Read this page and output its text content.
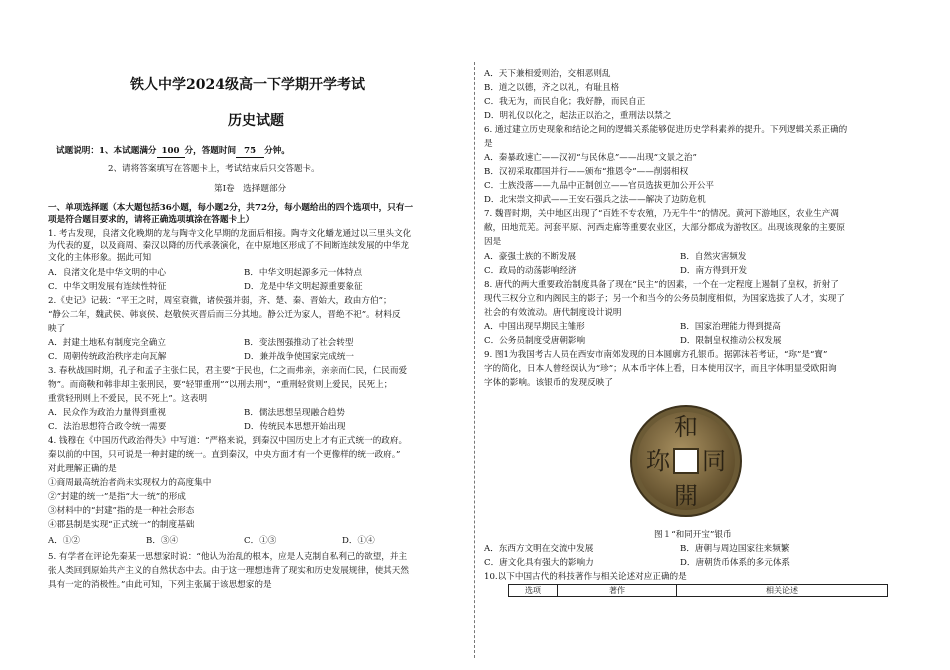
铁人中学2024级高一下学期开学考试
历史试题
试题说明：1、本试题满分 100 分，答题时间 75 分钟。
2、请将答案填写在答题卡上，考试结束后只交答题卡。
第Ⅰ卷　选择题部分
一、单项选择题（本大题包括36小题，每小题2分，共72分，每小题给出的四个选项中，只有一
项是符合题目要求的，请将正确选项填涂在答题卡上）
1. 考古发现，良渚文化晚期的龙与陶寺文化早期的龙面后相接。陶寺文化蟠龙通过以三里头文化
为代表的夏，以及商周、秦汉以降的历代承袭演化，在中原地区形成了不间断连续发展的中华龙
文化的主体形象。据此可知
A．良渚文化是中华文明的中心	B．中华文明起源多元一体特点
C．中华文明发展有连续性特征	D．龙是中华文明起源重要象征
2.《史记》记载：“平王之时，周室衰微，诸侯强并弱，齐、楚、秦、晋始大，政由方伯”；
“静公二年，魏武侯、韩哀侯、赵敬侯灭晋后而三分其地。静公迁为家人，晋绝不祀”。材料反
映了
A．封建土地私有制度完全确立	B．变法图强推动了社会转型
C．周朝传统政治秩序走向瓦解	D．兼并战争使国家完成统一
3. 春秋战国时期，孔子和孟子主张仁民，君主要“于民也，仁之而弗亲，亲亲而仁民，仁民而爱
物”。而商鞅和韩非却主张刑民，要“轻罪重刑”“以刑去刑”，“重刑轻赏则上爱民，民死上；
重赏轻刑则上不爱民，民不死上”。这表明
A．民众作为政治力量得到重视	B．儒法思想呈现融合趋势
C．法治思想符合政令统一需要	D．传统民本思想开始出现
4. 钱穆在《中国历代政治得失》中写道：“严格来说，到秦汉中国历史上才有正式统一的政府。
秦以前的中国，只可说是一种封建的统一。直到秦汉，中央方面才有一个更像样的统一政府。”
对此理解正确的是
①商周最高统治者尚未实现权力的高度集中
②“封建的统一”是指“大一统”的形成
③材料中的“封建”指的是一种社会形态
④郡县制是实现“正式统一”的制度基础
A．①②	B．③④	C．①③	D．①④
5. 有学者在评论先秦某一思想家时说：“他认为治乱的根本，应是人克制自私利己的欲望，并主
张人类回到原始共产主义的自然状态中去。由于这一理想违背了现实和历史发展规律，使其天然
具有一定的消极性。”由此可知，下列主张属于该思想家的是
A．天下兼相爱则治，交相恶则乱
B．道之以德，齐之以礼，有耻且格
C．我无为，而民自化；我好静，而民自正
D．明礼仪以化之，起法正以治之，重刑法以禁之
6. 通过建立历史现象和结论之间的逻辑关系能够促进历史学科素养的提升。下列逻辑关系正确的
是
A．秦暴政速亡——汉初“与民休息”——出现“文景之治”
B．汉初采取郡国并行——颁布“推恩令”——削弱相权
C．士族没落——九品中正制创立——官员选拔更加公开公平
D．北宋崇文抑武——王安石强兵之法——解决了边防危机
7. 魏晋时期，关中地区出现了“百姓不专农殖，乃无牛牛”的情况。黄河下游地区，农业生产凋
敝，田地荒芜。河套平原、河西走廊等重要农业区，大部分都成为游牧区。出现该现象的主要原
因是
A．豪强士族的不断发展	B．自然灾害频发
C．政局的动荡影响经济	D．南方得到开发
8. 唐代的两大重要政治制度具备了现在“民主”的因素，一个在一定程度上遏制了皇权，折射了
现代三权分立和内阁民主的影子；另一个和当今的公务员制度相似，为国家选拔了人才，实现了
社会的有效流动。唐代制度设计说明
A．中国出现早期民主雏形	B．国家治理能力得到提高
C．公务员制度受唐朝影响	D．限制皇权推动公权发展
9. 图1为我国考古人员在西安市南郊发现的日本圆廓方孔银币。据郭沫若考证，“珎”是“寳”
字的简化，日本人曾经误认为“珍”；从本币字体上看，日本使用汉字，而且字体明显受欧阳询
字体的影响。该银币的发现反映了
和
同
開
珎
图１“和同开宝”银币
A．东西方文明在交流中发展	B．唐朝与周边国家往来频繁
C．唐文化具有强大的影响力	D．唐朝货币体系的多元体系
10.以下中国古代的科技著作与相关论述对应正确的是
选项	著作	相关论述
